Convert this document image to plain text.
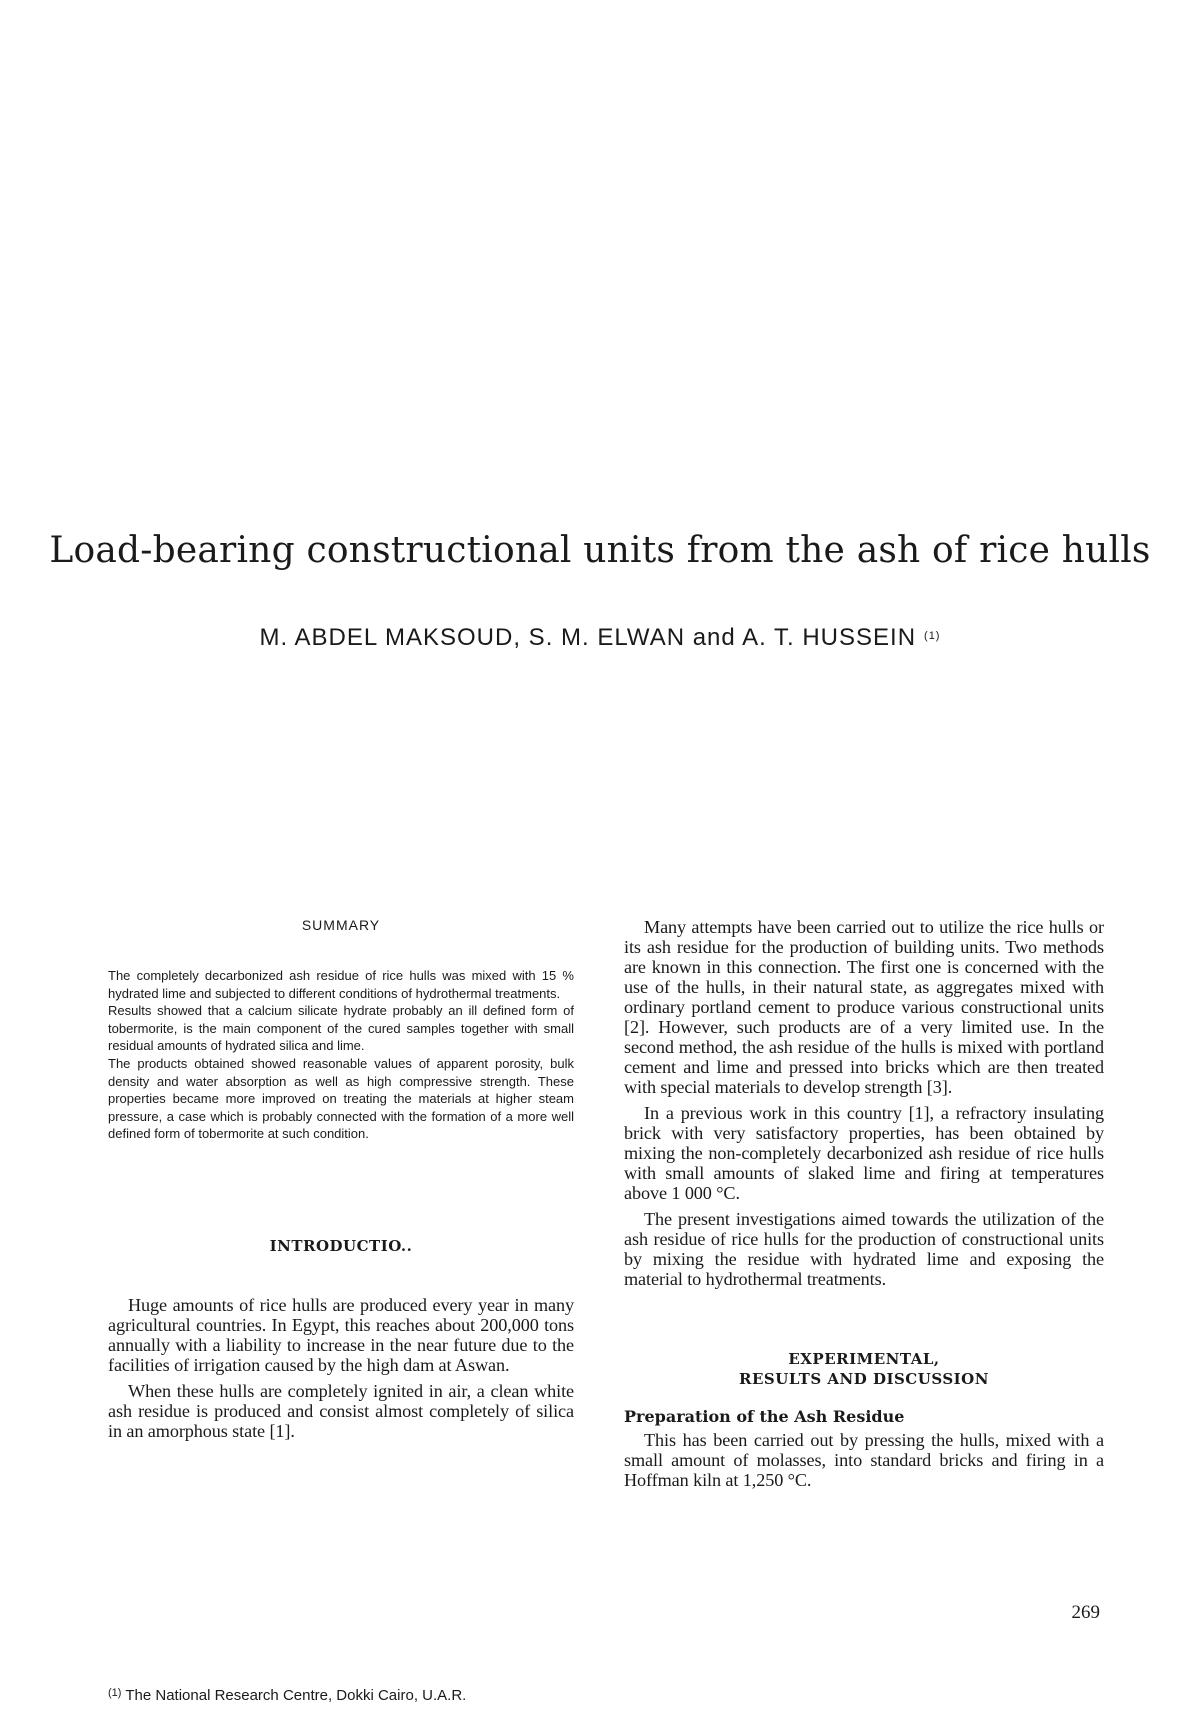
Load-bearing constructional units from the ash of rice hulls
M. ABDEL MAKSOUD, S. M. ELWAN and A. T. HUSSEIN $^{(1)}$
SUMMARY

The completely decarbonized ash residue of rice hulls was mixed with 15 % hydrated lime and subjected to different conditions of hydrothermal treatments.

Results showed that a calcium silicate hydrate probably an ill defined form of tobermorite, is the main component of the cured samples together with small residual amounts of hydrated silica and lime.

The products obtained showed reasonable values of apparent porosity, bulk density and water absorption as well as high compressive strength. These properties became more improved on treating the materials at higher steam pressure, a case which is probably connected with the formation of a more well defined form of tobermorite at such condition.

INTRODUCTIO..

Huge amounts of rice hulls are produced every year in many agricultural countries. In Egypt, this reaches about 200,000 tons annually with a liability to increase in the near future due to the facilities of irrigation caused by the high dam at Aswan.

When these hulls are completely ignited in air, a clean white ash residue is produced and consist almost completely of silica in an amorphous state [1].

$^{(1)}$ The National Research Centre, Dokki Cairo, U.A.R.

Many attempts have been carried out to utilize the rice hulls or its ash residue for the production of building units. Two methods are known in this connection. The first one is concerned with the use of the hulls, in their natural state, as aggregates mixed with ordinary portland cement to produce various constructional units [2]. However, such products are of a very limited use. In the second method, the ash residue of the hulls is mixed with portland cement and lime and pressed into bricks which are then treated with special materials to develop strength [3].

In a previous work in this country [1], a refractory insulating brick with very satisfactory properties, has been obtained by mixing the non-completely decarbonized ash residue of rice hulls with small amounts of slaked lime and firing at temperatures above 1 000 °C.

The present investigations aimed towards the utilization of the ash residue of rice hulls for the production of constructional units by mixing the residue with hydrated lime and exposing the material to hydrothermal treatments.

EXPERIMENTAL,
RESULTS AND DISCUSSION
Preparation of the Ash Residue

This has been carried out by pressing the hulls, mixed with a small amount of molasses, into standard bricks and firing in a Hoffman kiln at 1,250 °C.

269
